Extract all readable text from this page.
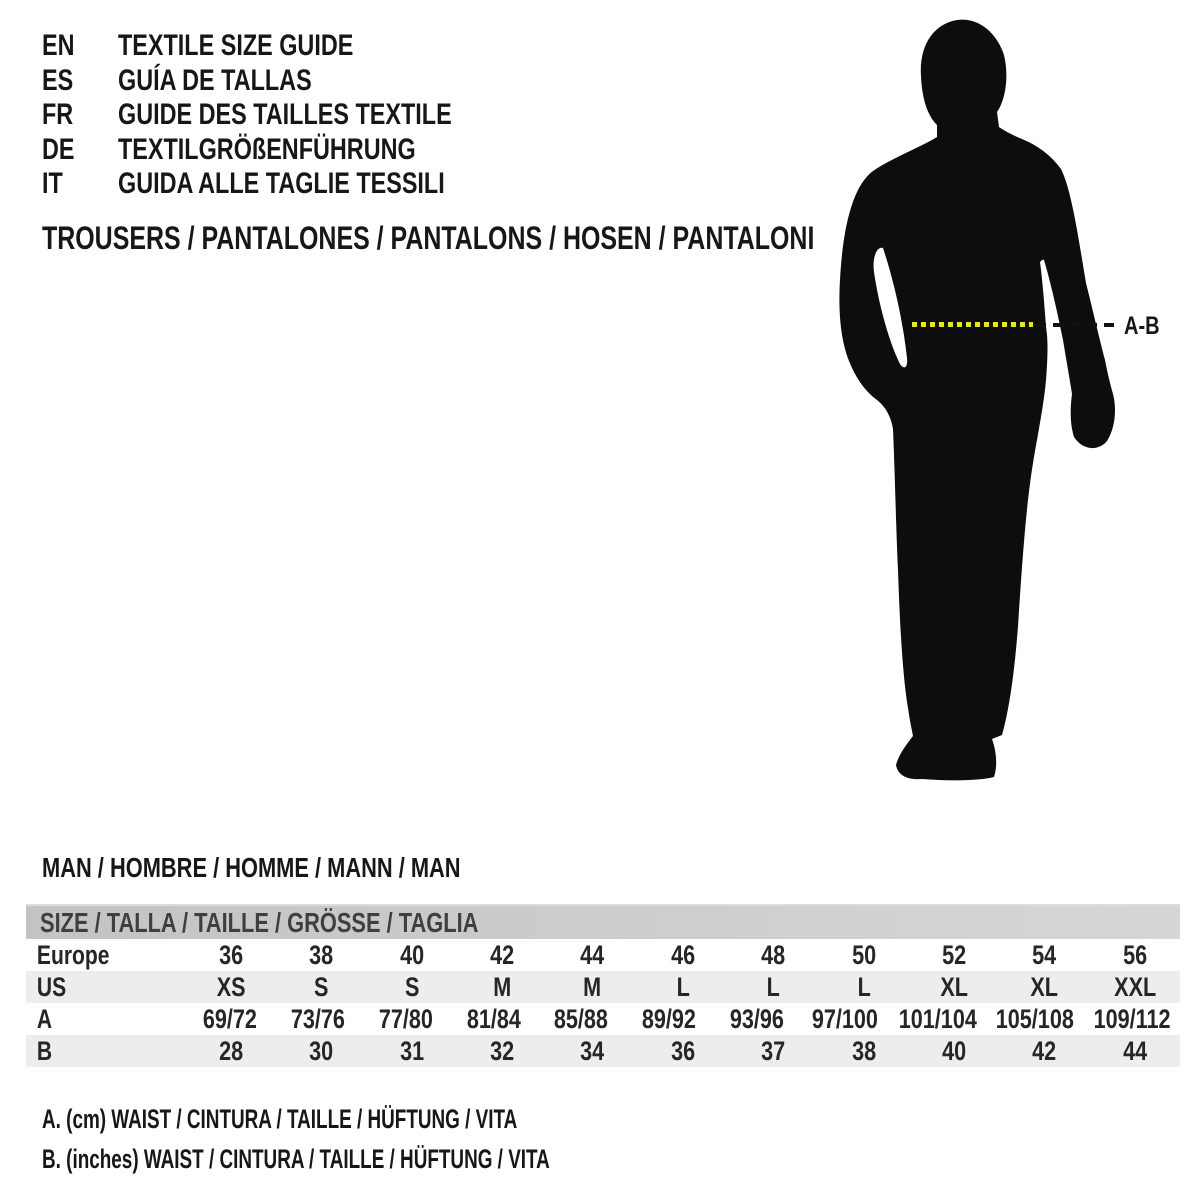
EN	TEXTILE SIZE GUIDE
ES	GUÍA DE TALLAS
FR	GUIDE DES TAILLES TEXTILE
DE	TEXTILGRÖßENFÜHRUNG
IT	GUIDA ALLE TAGLIE TESSILI
TROUSERS / PANTALONES / PANTALONS / HOSEN / PANTALONI
A-B
MAN / HOMBRE / HOMME / MANN / MAN
SIZE / TALLA / TAILLE / GRÖSSE / TAGLIA
Europe	36	38	40	42	44	46	48	50	52	54	56
US	XS	S	S	M	M	L	L	L	XL	XL	XXL
A	69/72	73/76	77/80	81/84 85/88	89/92	93/96	97/100 101/104 105/108 109/112
B	28	30	31	32	34	36	37	38	40	42	44

A. (cm) WAIST / CINTURA / TAILLE / HÜFTUNG / VITA

B. (inches) WAIST / CINTURA / TAILLE / HÜFTUNG / VITA
